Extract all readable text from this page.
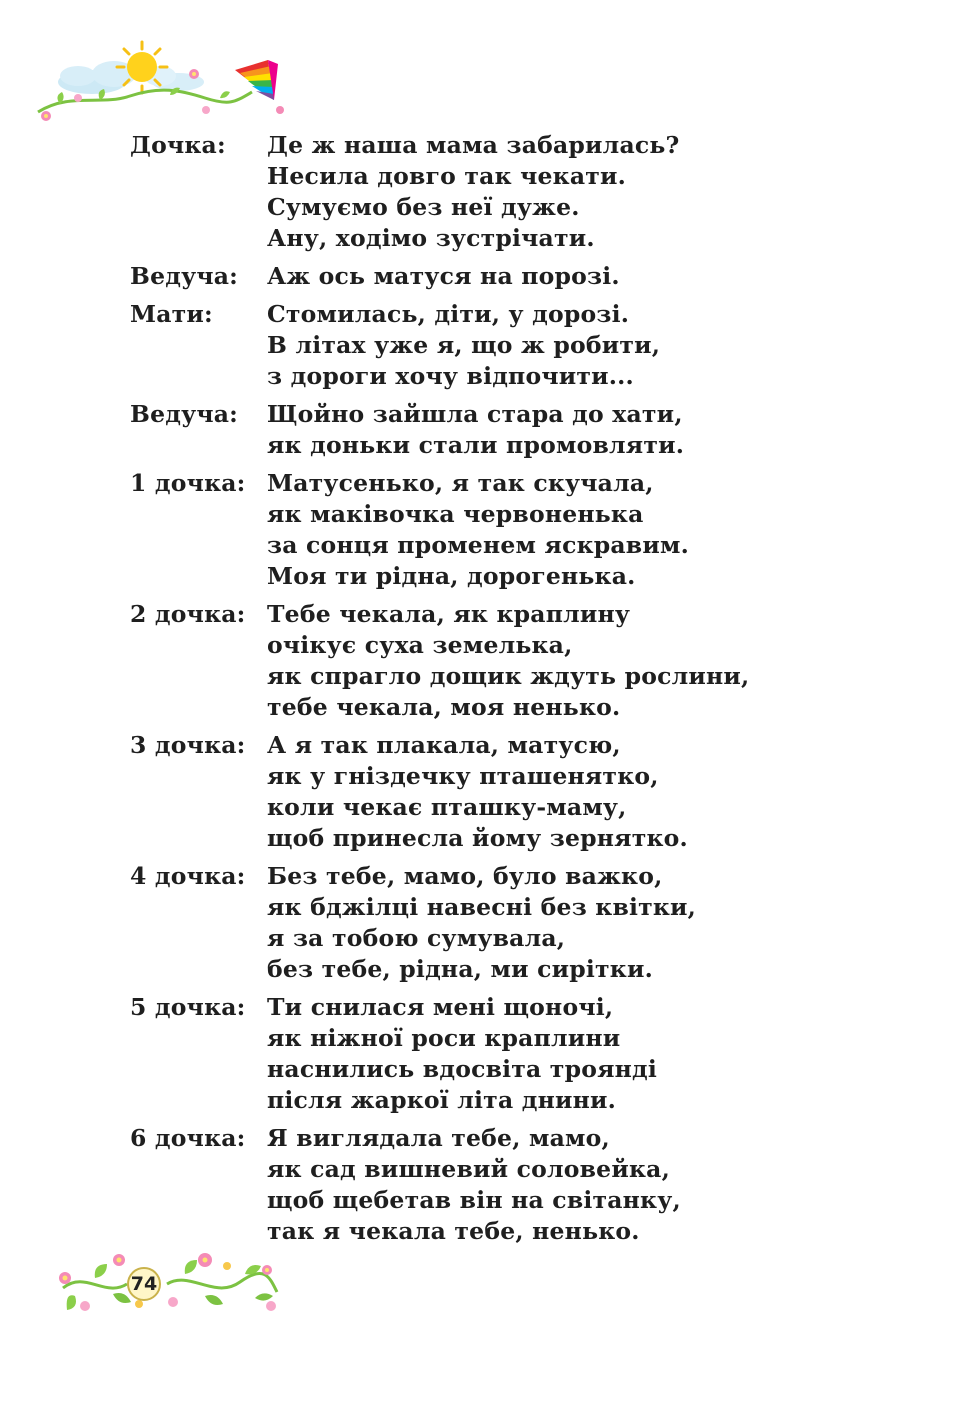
Дочка: Де ж наша мама забарилась?
Несила довго так чекати.
Сумуємо без неї дуже.
Ану, ходімо зустрічати.
Ведуча: Аж ось матуся на порозі.
Мати: Стомилась, діти, у дорозі.
В літах уже я, що ж робити,
з дороги хочу відпочити...
Ведуча: Щойно зайшла стара до хати,
як доньки стали промовляти.
1 дочка: Матусенько, я так скучала,
як маківочка червоненька
за сонця променем яскравим.
Моя ти рідна, дорогенька.
2 дочка: Тебе чекала, як краплину
очікує суха земелька,
як спрагло дощик ждуть рослини,
тебе чекала, моя ненько.
3 дочка: А я так плакала, матусю,
як у гніздечку пташенятко,
коли чекає пташку-маму,
щоб принесла йому зернятко.
4 дочка: Без тебе, мамо, було важко,
як бджілці навесні без квітки,
я за тобою сумувала,
без тебе, рідна, ми сирітки.
5 дочка: Ти снилася мені щоночі,
як ніжної роси краплини
наснились вдосвіта троянді
після жаркої літа днини.
6 дочка: Я виглядала тебе, мамо,
як сад вишневий соловейка,
щоб щебетав він на світанку,
так я чекала тебе, ненько.
74
